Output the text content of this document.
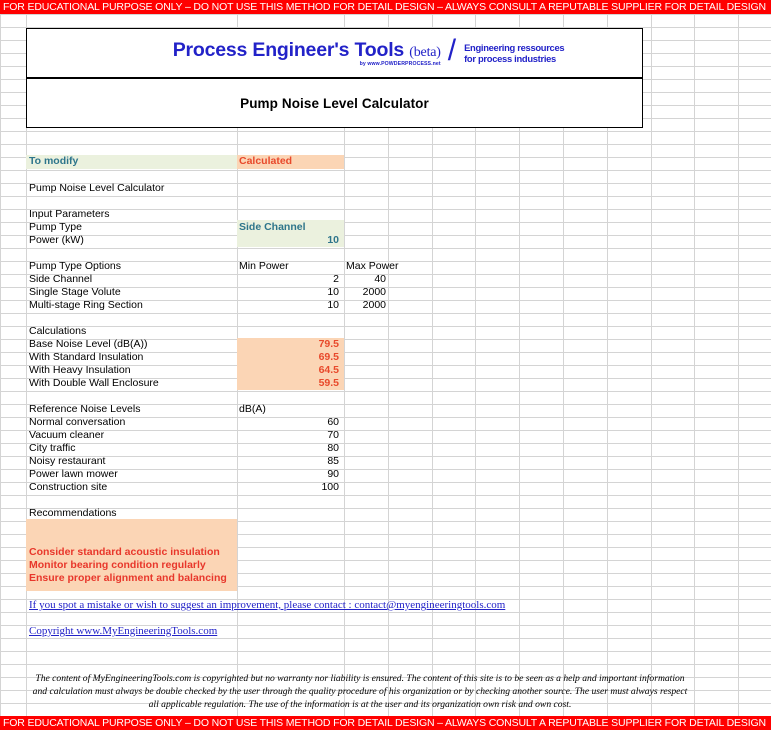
FOR EDUCATIONAL PURPOSE ONLY – DO NOT USE THIS METHOD FOR DETAIL DESIGN – ALWAYS CONSULT A REPUTABLE SUPPLIER FOR DETAIL DESIGN
Process Engineer's Tools (beta)
by www.POWDERPROCESS.net / Engineering ressources
for process industries
Pump Noise Level Calculator
To modify	Calculated
Pump Noise Level Calculator
Input Parameters
Pump Type	Side Channel
Power (kW)	10
Pump Type Options	Min Power	Max Power
Side Channel	2	40
Single Stage Volute	10	2000
Multi-stage Ring Section	10	2000
Calculations
Base Noise Level (dB(A))	79.5
With Standard Insulation	69.5
With Heavy Insulation	64.5
With Double Wall Enclosure	59.5
Reference Noise Levels	dB(A)
Normal conversation	60
Vacuum cleaner	70
City traffic	80
Noisy restaurant	85
Power lawn mower	90
Construction site	100
Recommendations
Consider standard acoustic insulation
Monitor bearing condition regularly
Ensure proper alignment and balancing
If you spot a mistake or wish to suggest an improvement, please contact : contact@myengineeringtools.com
Copyright www.MyEngineeringTools.com
The content of MyEngineeringTools.com is copyrighted but no warranty nor liability is ensured. The content of this site is to be seen as a help and important information and calculation must always be double checked by the user through the quality procedure of his organization or by checking another source. The user must always respect all applicable regulation. The use of the information is at the user and its organization own risk and own cost.
FOR EDUCATIONAL PURPOSE ONLY – DO NOT USE THIS METHOD FOR DETAIL DESIGN – ALWAYS CONSULT A REPUTABLE SUPPLIER FOR DETAIL DESIGN
